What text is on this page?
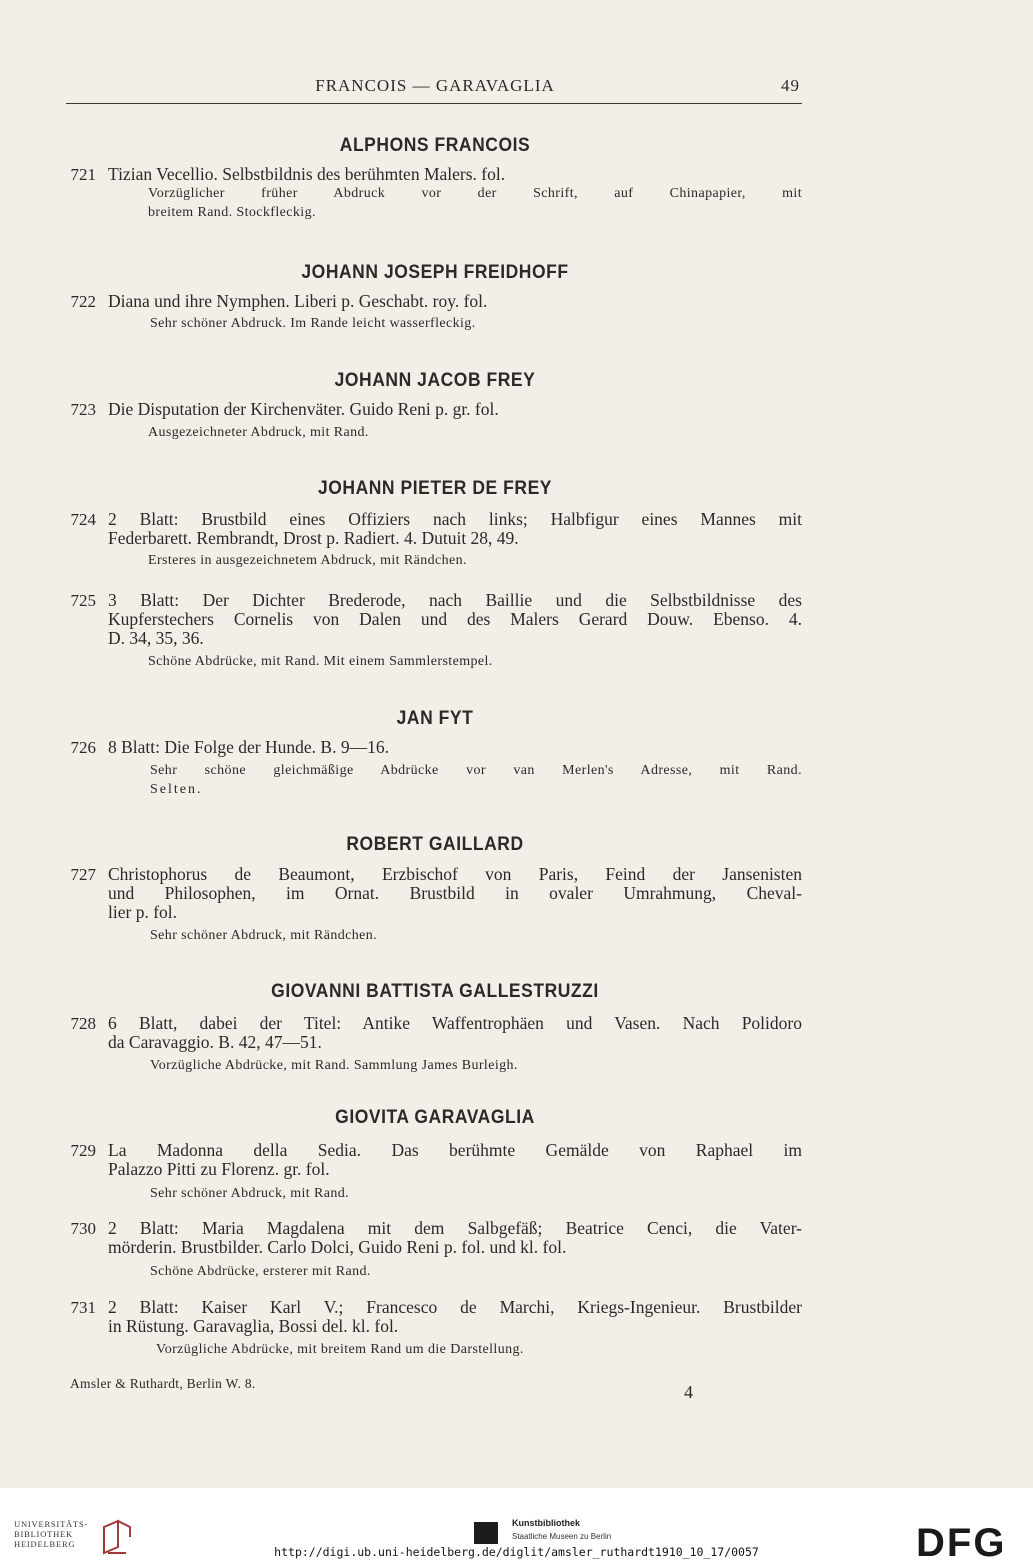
FRANCOIS — GARAVAGLIA	49
ALPHONS FRANCOIS
721 Tizian Vecellio. Selbstbildnis des berühmten Malers. fol.
Vorzüglicher früher Abdruck vor der Schrift, auf Chinapapier, mit
breitem Rand. Stockfleckig.
JOHANN JOSEPH FREIDHOFF
722 Diana und ihre Nymphen. Liberi p. Geschabt. roy. fol.
Sehr schöner Abdruck. Im Rande leicht wasserfleckig.
JOHANN JACOB FREY
723 Die Disputation der Kirchenväter. Guido Reni p. gr. fol.
Ausgezeichneter Abdruck, mit Rand.
JOHANN PIETER DE FREY
724 2 Blatt: Brustbild eines Offiziers nach links; Halbfigur eines Mannes mit
Federbarett. Rembrandt, Drost p. Radiert. 4. Dutuit 28, 49.
Ersteres in ausgezeichnetem Abdruck, mit Rändchen.
725 3 Blatt: Der Dichter Brederode, nach Baillie und die Selbstbildnisse des
Kupferstechers Cornelis von Dalen und des Malers Gerard Douw. Ebenso. 4.
D. 34, 35, 36.
Schöne Abdrücke, mit Rand. Mit einem Sammlerstempel.
JAN FYT
726 8 Blatt: Die Folge der Hunde. B. 9—16.
Sehr schöne gleichmäßige Abdrücke vor van Merlen's Adresse, mit Rand.
Selten.
ROBERT GAILLARD
727 Christophorus de Beaumont, Erzbischof von Paris, Feind der Jansenisten
und Philosophen, im Ornat. Brustbild in ovaler Umrahmung, Cheval-
lier p. fol.
Sehr schöner Abdruck, mit Rändchen.
GIOVANNI BATTISTA GALLESTRUZZI
728 6 Blatt, dabei der Titel: Antike Waffentrophäen und Vasen. Nach Polidoro
da Caravaggio. B. 42, 47—51.
Vorzügliche Abdrücke, mit Rand. Sammlung James Burleigh.
GIOVITA GARAVAGLIA
729 La Madonna della Sedia. Das berühmte Gemälde von Raphael im
Palazzo Pitti zu Florenz. gr. fol.
Sehr schöner Abdruck, mit Rand.
730 2 Blatt: Maria Magdalena mit dem Salbgefäß; Beatrice Cenci, die Vater-
mörderin. Brustbilder. Carlo Dolci, Guido Reni p. fol. und kl. fol.
Schöne Abdrücke, ersterer mit Rand.
731 2 Blatt: Kaiser Karl V.; Francesco de Marchi, Kriegs-Ingenieur. Brustbilder
in Rüstung. Garavaglia, Bossi del. kl. fol.
Vorzügliche Abdrücke, mit breitem Rand um die Darstellung.
Amsler & Ruthardt, Berlin W. 8.	4
UNIVERSITÄTS-
BIBLIOTHEK
HEIDELBERG
Kunstbibliothek
Staatliche Museen zu Berlin	DFG
http://digi.ub.uni-heidelberg.de/diglit/amsler_ruthardt1910_10_17/0057
